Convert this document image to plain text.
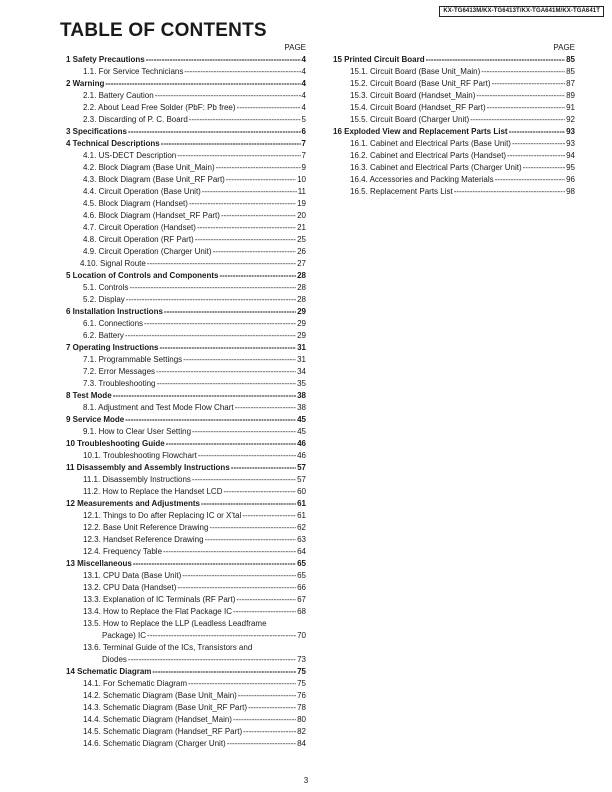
KX-TG6413M/KX-TG6413T/KX-TGA641M/KX-TGA641T
TABLE OF CONTENTS
PAGE
1 Safety Precautions -----	4
1.1. For Service Technicians -----	4
2 Warning -----	4
2.1. Battery Caution -----	4
2.2. About Lead Free Solder (PbF: Pb free) -----	4
2.3. Discarding of P. C. Board -----	5
3 Specifications -----	6
4 Technical Descriptions -----	7
4.1. US-DECT Description -----	7
4.2. Block Diagram (Base Unit_Main) -----	9
4.3. Block Diagram (Base Unit_RF Part) -----	10
4.4. Circuit Operation (Base Unit) -----	11
4.5. Block Diagram (Handset) -----	19
4.6. Block Diagram (Handset_RF Part) -----	20
4.7. Circuit Operation (Handset) -----	21
4.8. Circuit Operation (RF Part) -----	25
4.9. Circuit Operation (Charger Unit) -----	26
4.10. Signal Route -----	27
5 Location of Controls and Components -----	28
5.1. Controls -----	28
5.2. Display -----	28
6 Installation Instructions -----	29
6.1. Connections -----	29
6.2. Battery -----	29
7 Operating Instructions -----	31
7.1. Programmable Settings -----	31
7.2. Error Messages -----	34
7.3. Troubleshooting -----	35
8 Test Mode -----	38
8.1. Adjustment and Test Mode Flow Chart -----	38
9 Service Mode -----	45
9.1. How to Clear User Setting -----	45
10 Troubleshooting Guide -----	46
10.1. Troubleshooting Flowchart -----	46
11 Disassembly and Assembly Instructions -----	57
11.1. Disassembly Instructions -----	57
11.2. How to Replace the Handset LCD -----	60
12 Measurements and Adjustments -----	61
12.1. Things to Do after Replacing IC or X'tal -----	61
12.2. Base Unit Reference Drawing -----	62
12.3. Handset Reference Drawing -----	63
12.4. Frequency Table -----	64
13 Miscellaneous -----	65
13.1. CPU Data (Base Unit) -----	65
13.2. CPU Data (Handset) -----	66
13.3. Explanation of IC Terminals (RF Part) -----	67
13.4. How to Replace the Flat Package IC -----	68
13.5. How to Replace the LLP (Leadless Leadframe
Package) IC -----	70
13.6. Terminal Guide of the ICs, Transistors and
Diodes -----	73
14 Schematic Diagram -----	75
14.1. For Schematic Diagram -----	75
14.2. Schematic Diagram (Base Unit_Main) -----	76
14.3. Schematic Diagram (Base Unit_RF Part) -----	78
14.4. Schematic Diagram (Handset_Main) -----	80
14.5. Schematic Diagram (Handset_RF Part) -----	82
14.6. Schematic Diagram (Charger Unit) -----	84
PAGE
15 Printed Circuit Board -----	85
15.1. Circuit Board (Base Unit_Main) -----	85
15.2. Circuit Board (Base Unit_RF Part) -----	87
15.3. Circuit Board (Handset_Main) -----	89
15.4. Circuit Board (Handset_RF Part) -----	91
15.5. Circuit Board (Charger Unit) -----	92
16 Exploded View and Replacement Parts List -----	93
16.1. Cabinet and Electrical Parts (Base Unit) -----	93
16.2. Cabinet and Electrical Parts (Handset) -----	94
16.3. Cabinet and Electrical Parts (Charger Unit) -----	95
16.4. Accessories and Packing Materials -----	96
16.5. Replacement Parts List -----	98
3
